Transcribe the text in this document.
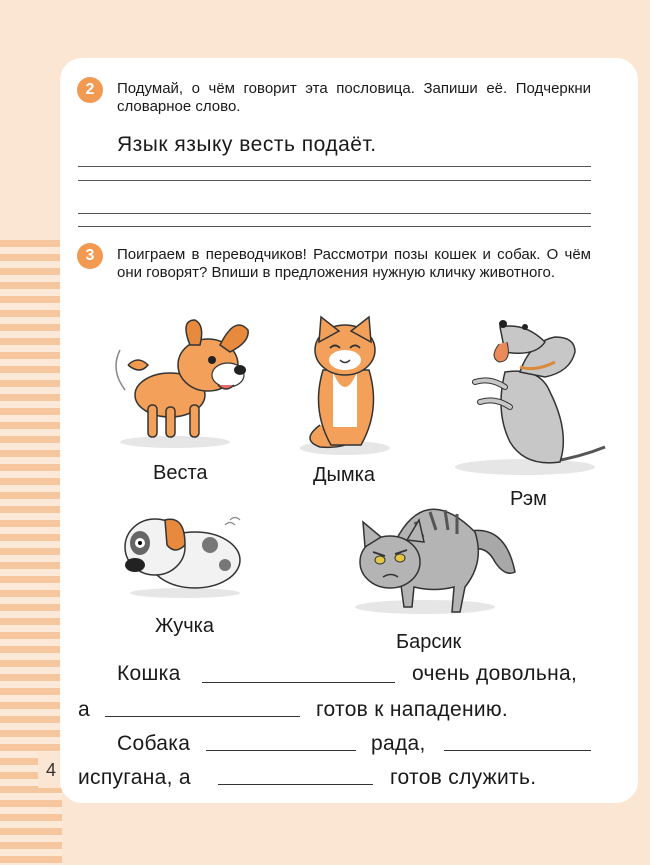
4
2	Подумай, о чём говорит эта пословица. Запиши её. Подчеркни словарное слово.
Язык языку весть подаёт.
3	Поиграем в переводчиков! Рассмотри позы кошек и собак. О чём они говорят? Впиши в предложения нужную кличку животного.
Веста	Дымка
Рэм
Жучка
Барсик
Кошка	очень довольна,
а	готов к нападению.
Собака	рада,
испугана, а	готов служить.
